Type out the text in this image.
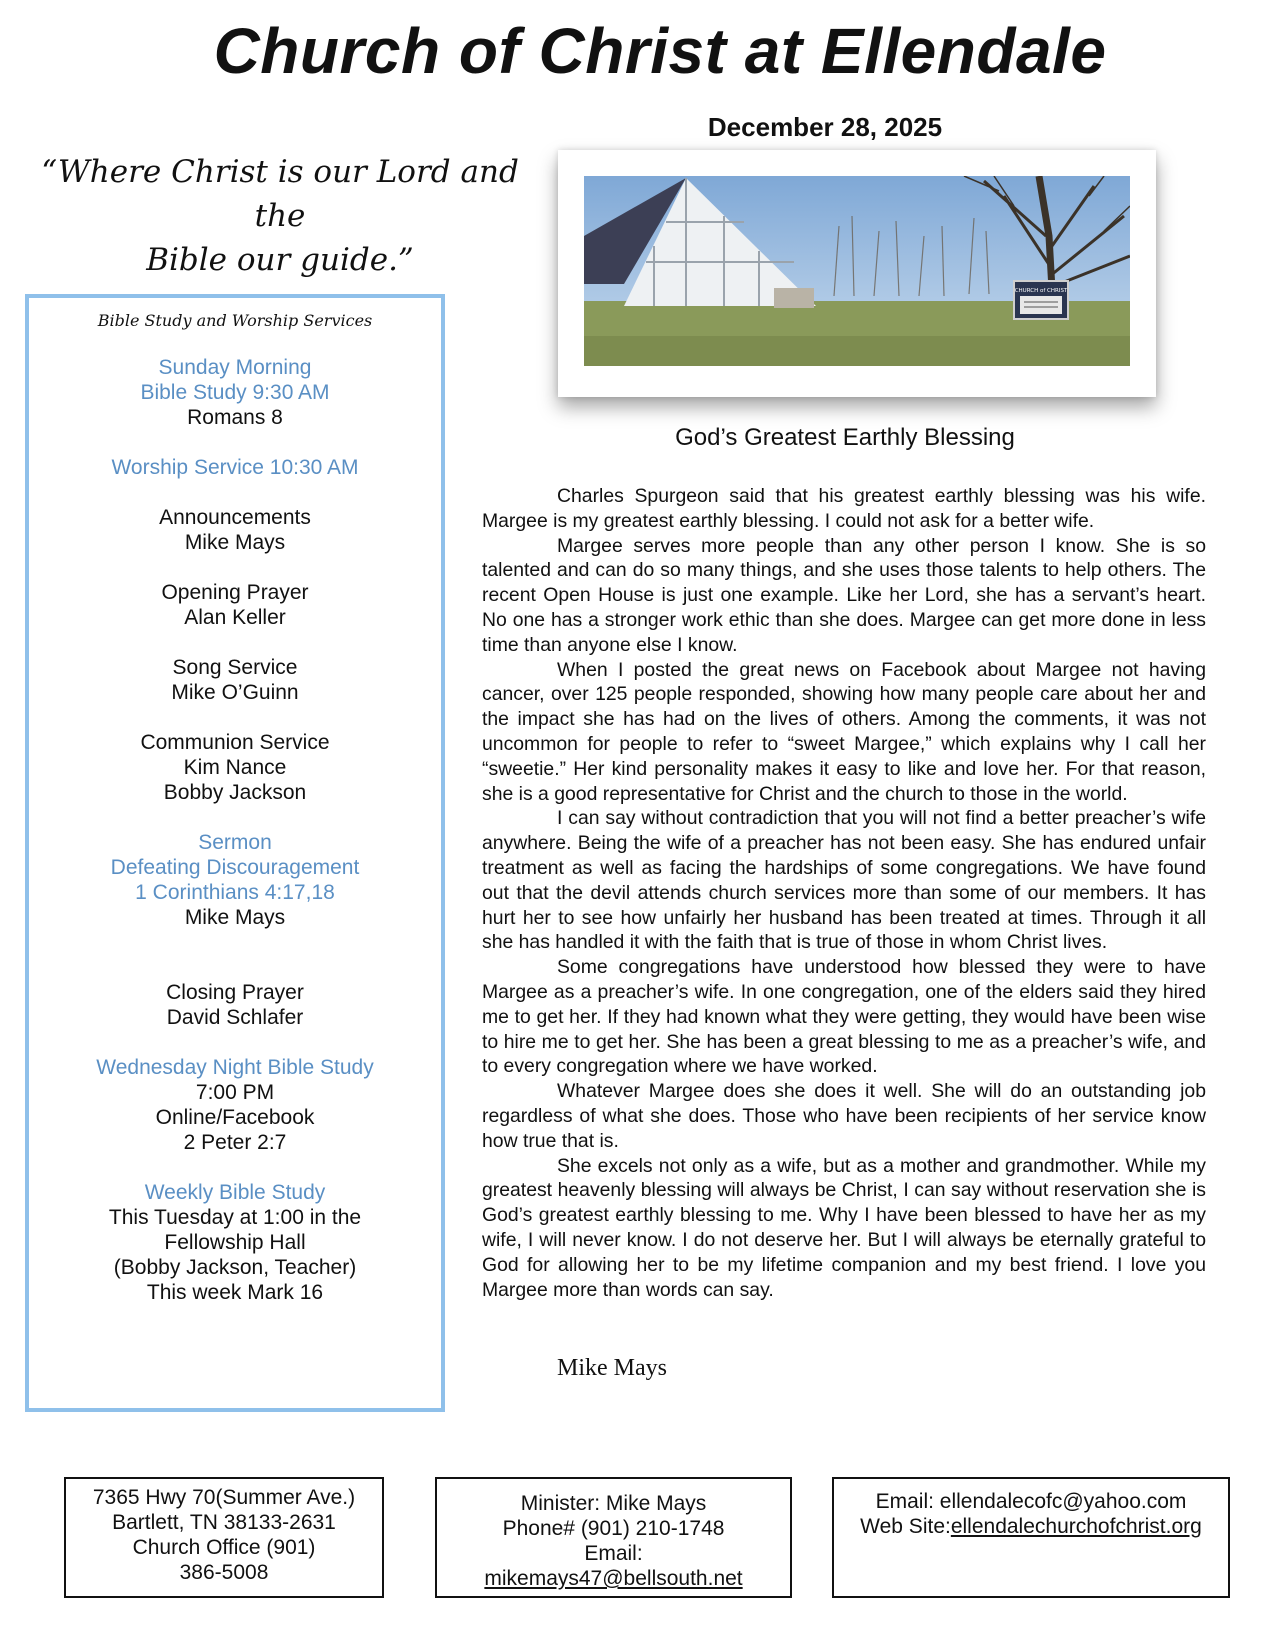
Church of Christ at Ellendale
December 28, 2025
“Where Christ is our Lord and the
Bible our guide.”
CHURCH of CHRIST
Bible Study and Worship Services
Sunday Morning
Bible Study 9:30 AM
Romans 8
Worship Service 10:30 AM
Announcements
Mike Mays
Opening Prayer
Alan Keller
Song Service
Mike O’Guinn
Communion Service
Kim Nance
Bobby Jackson
Sermon
Defeating Discouragement
1 Corinthians 4:17,18
Mike Mays
Closing Prayer
David Schlafer
Wednesday Night Bible Study
7:00 PM
Online/Facebook
2 Peter 2:7
Weekly Bible Study
This Tuesday at 1:00 in the
Fellowship Hall
(Bobby Jackson, Teacher)
This week Mark 16
God’s Greatest Earthly Blessing

Charles Spurgeon said that his greatest earthly blessing was his wife. Margee is my greatest earthly blessing. I could not ask for a better wife.

Margee serves more people than any other person I know. She is so talented and can do so many things, and she uses those talents to help others. The recent Open House is just one example. Like her Lord, she has a servant’s heart. No one has a stronger work ethic than she does. Margee can get more done in less time than anyone else I know.

When I posted the great news on Facebook about Margee not having cancer, over 125 people responded, showing how many people care about her and the impact she has had on the lives of others. Among the comments, it was not uncommon for people to refer to “sweet Margee,” which explains why I call her “sweetie.” Her kind personality makes it easy to like and love her. For that reason, she is a good representative for Christ and the church to those in the world.

I can say without contradiction that you will not find a better preacher’s wife anywhere. Being the wife of a preacher has not been easy. She has endured unfair treatment as well as facing the hardships of some congregations. We have found out that the devil attends church services more than some of our members. It has hurt her to see how unfairly her husband has been treated at times. Through it all she has handled it with the faith that is true of those in whom Christ lives.

Some congregations have understood how blessed they were to have Margee as a preacher’s wife. In one congregation, one of the elders said they hired me to get her. If they had known what they were getting, they would have been wise to hire me to get her. She has been a great blessing to me as a preacher’s wife, and to every congregation where we have worked.

Whatever Margee does she does it well. She will do an outstanding job regardless of what she does. Those who have been recipients of her service know how true that is.

She excels not only as a wife, but as a mother and grandmother. While my greatest heavenly blessing will always be Christ, I can say without reservation she is God’s greatest earthly blessing to me. Why I have been blessed to have her as my wife, I will never know. I do not deserve her. But I will always be eternally grateful to God for allowing her to be my lifetime companion and my best friend. I love you Margee more than words can say.

Mike Mays
7365 Hwy 70(Summer Ave.)
Bartlett, TN 38133-2631
Church Office (901)
386-5008
Minister: Mike Mays
Phone# (901) 210-1748
Email:
mikemays47@bellsouth.net
Email: ellendalecofc@yahoo.com
Web Site:ellendalechurchofchrist.org
